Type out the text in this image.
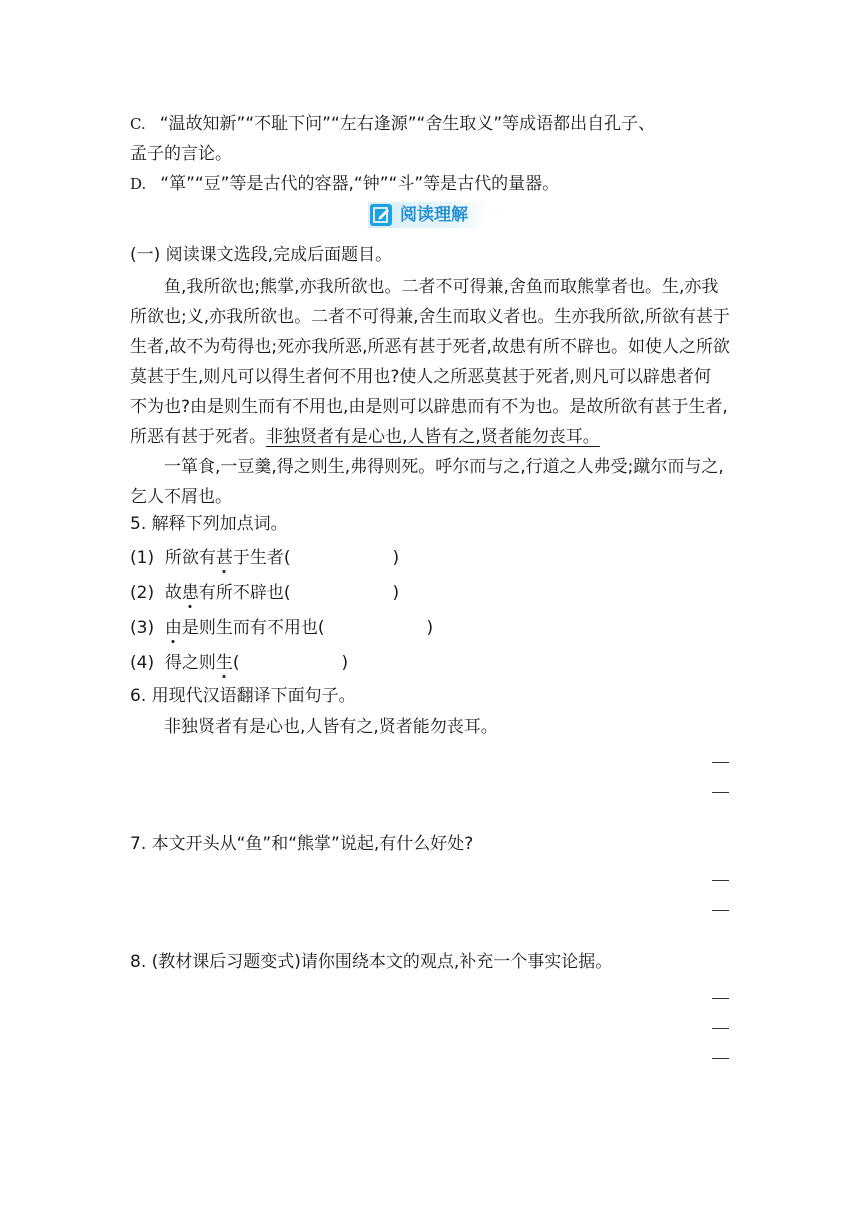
C. “温故知新”“不耻下问”“左右逢源”“舍生取义”等成语都出自孔子、
孟子的言论。
D. “箪”“豆”等是古代的容器,“钟”“斗”等是古代的量器。
阅读理解
(一) 阅读课文选段,完成后面题目。
鱼,我所欲也;熊掌,亦我所欲也。二者不可得兼,舍鱼而取熊掌者也。生,亦我
所欲也;义,亦我所欲也。二者不可得兼,舍生而取义者也。生亦我所欲,所欲有甚于
生者,故不为苟得也;死亦我所恶,所恶有甚于死者,故患有所不辟也。如使人之所欲
莫甚于生,则凡可以得生者何不用也?使人之所恶莫甚于死者,则凡可以辟患者何
不为也?由是则生而有不用也,由是则可以辟患而有不为也。是故所欲有甚于生者,
所恶有甚于死者。非独贤者有是心也,人皆有之,贤者能勿丧耳。
一箪食,一豆羹,得之则生,弗得则死。呼尔而与之,行道之人弗受;蹴尔而与之,
乞人不屑也。
5. 解释下列加点词。
(1) 所欲有甚于生者(	)
(2) 故患有所不辟也(	)
(3) 由是则生而有不用也(	)
(4) 得之则生(	)
6. 用现代汉语翻译下面句子。
非独贤者有是心也,人皆有之,贤者能勿丧耳。
7. 本文开头从“鱼”和“熊掌”说起,有什么好处?
8. (教材课后习题变式)请你围绕本文的观点,补充一个事实论据。
